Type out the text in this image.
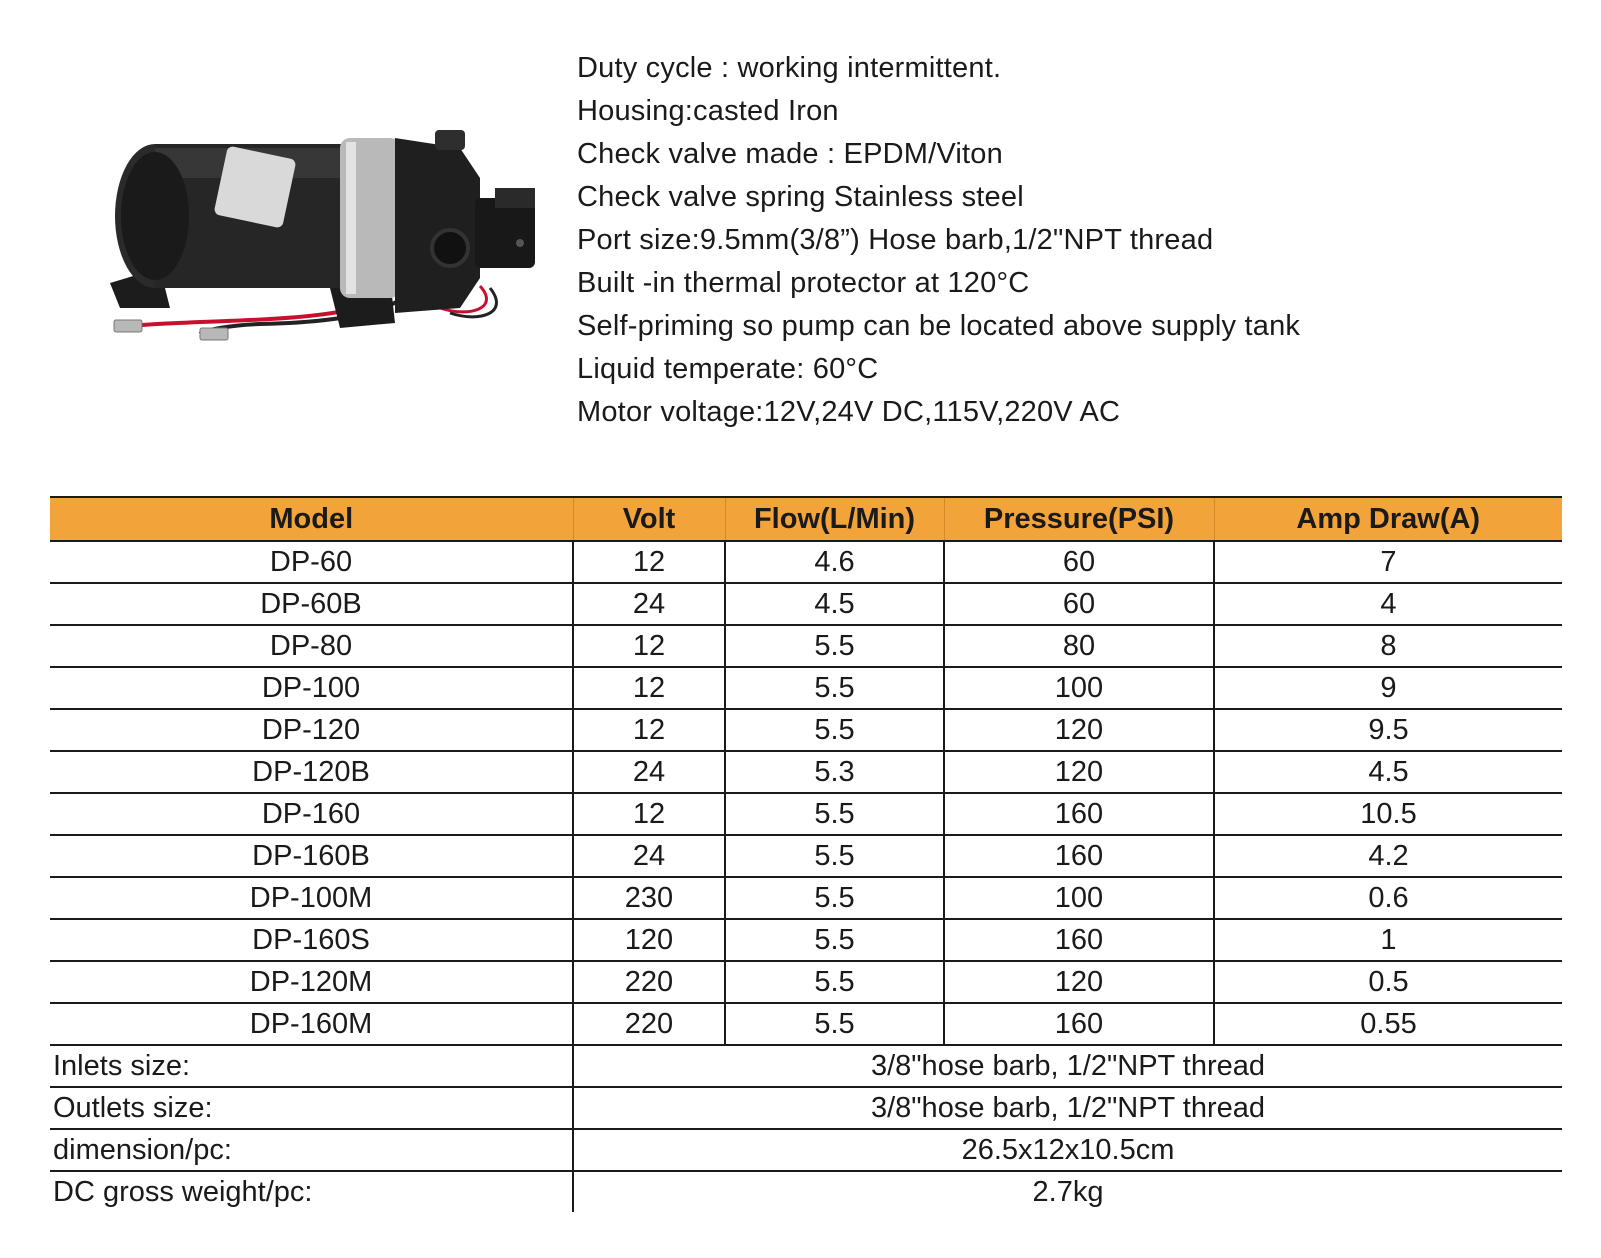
Duty cycle : working intermittent.
Housing:casted Iron
Check valve made : EPDM/Viton
Check valve spring Stainless steel
Port size:9.5mm(3/8”) Hose barb,1/2"NPT thread
Built -in thermal protector at 120°C
Self-priming so pump can be located above supply tank
Liquid temperate: 60°C
Motor voltage:12V,24V DC,115V,220V AC
Model	Volt	Flow(L/Min)	Pressure(PSI)	Amp Draw(A)
DP-60	12	4.6	60	7
DP-60B	24	4.5	60	4
DP-80	12	5.5	80	8
DP-100	12	5.5	100	9
DP-120	12	5.5	120	9.5
DP-120B	24	5.3	120	4.5
DP-160	12	5.5	160	10.5
DP-160B	24	5.5	160	4.2
DP-100M	230	5.5	100	0.6
DP-160S	120	5.5	160	1
DP-120M	220	5.5	120	0.5
DP-160M	220	5.5	160	0.55
Inlets size:	3/8"hose barb, 1/2"NPT thread			
Outlets size:	3/8"hose barb, 1/2"NPT thread			
dimension/pc:	26.5x12x10.5cm			
DC gross weight/pc:	2.7kg			
